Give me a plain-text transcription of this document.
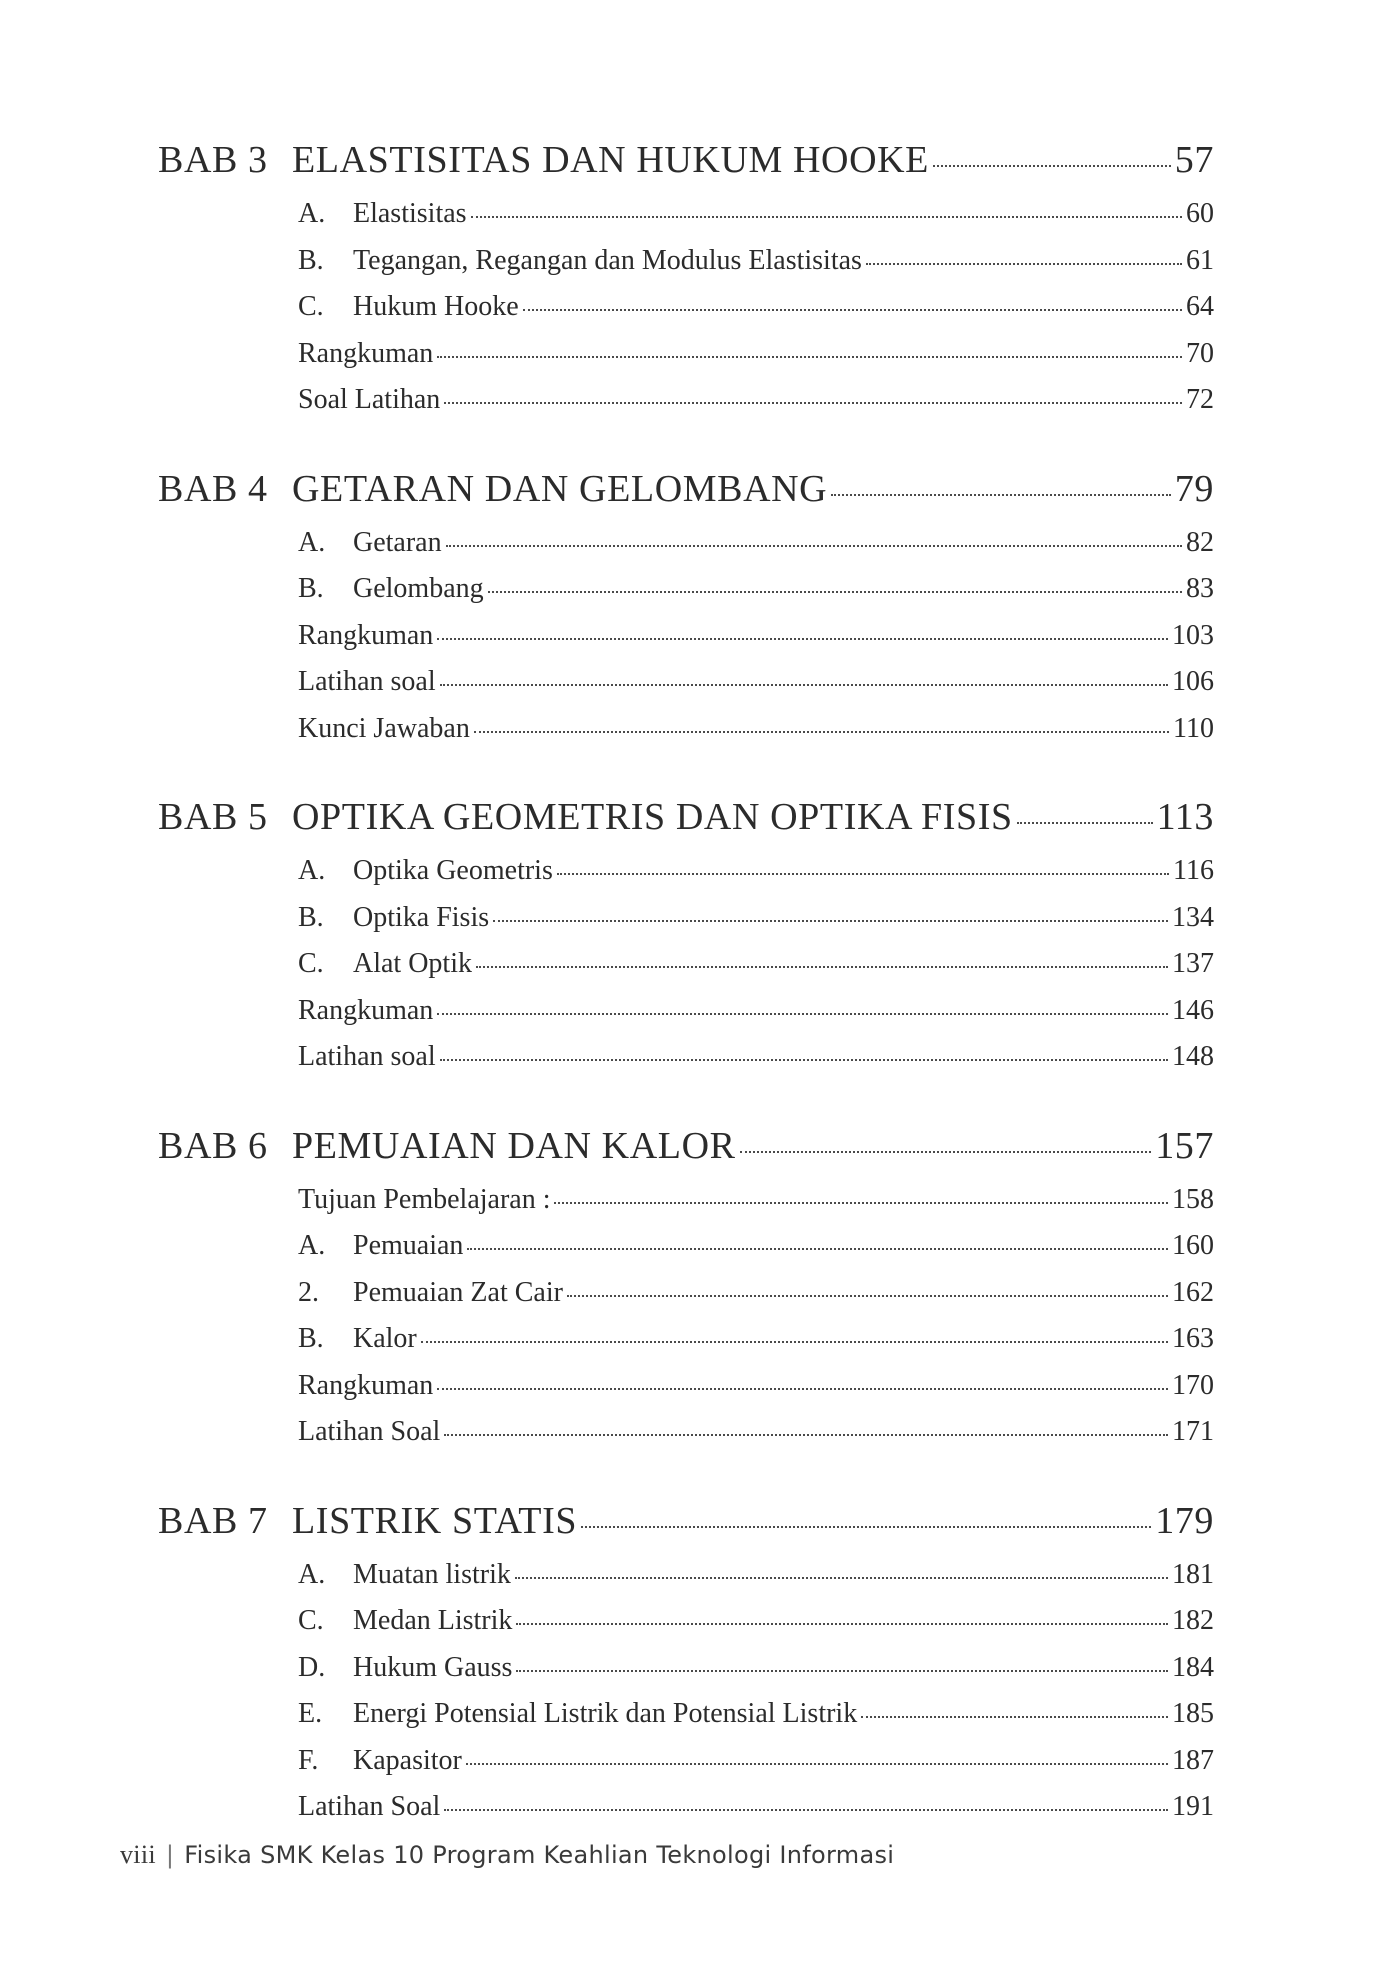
BAB 3 ELASTISITAS DAN HUKUM HOOKE	57
A. Elastisitas	60
B.	Tegangan, Regangan dan Modulus Elastisitas	61
C.	Hukum Hooke	64
Rangkuman	70
Soal Latihan	72
BAB 4 GETARAN DAN GELOMBANG	79
A. Getaran	82
B.	Gelombang	83
Rangkuman	103
Latihan soal	106
Kunci Jawaban	110
BAB 5 OPTIKA GEOMETRIS DAN OPTIKA FISIS	113
A. Optika Geometris	116
B.	Optika Fisis	134
C.	Alat Optik	137
Rangkuman	146
Latihan soal	148
BAB 6 PEMUAIAN DAN KALOR	157
Tujuan Pembelajaran :	158
A. Pemuaian	160
2.	Pemuaian Zat Cair	162
B.	Kalor	163
Rangkuman	170
Latihan Soal	171
BAB 7 LISTRIK STATIS	179
A. Muatan listrik	181
C.	Medan Listrik	182
D. Hukum Gauss	184
E.	Energi Potensial Listrik dan Potensial Listrik	185
F.	Kapasitor	187
Latihan Soal	191
viii | Fisika SMK Kelas 10 Program Keahlian Teknologi Informasi
